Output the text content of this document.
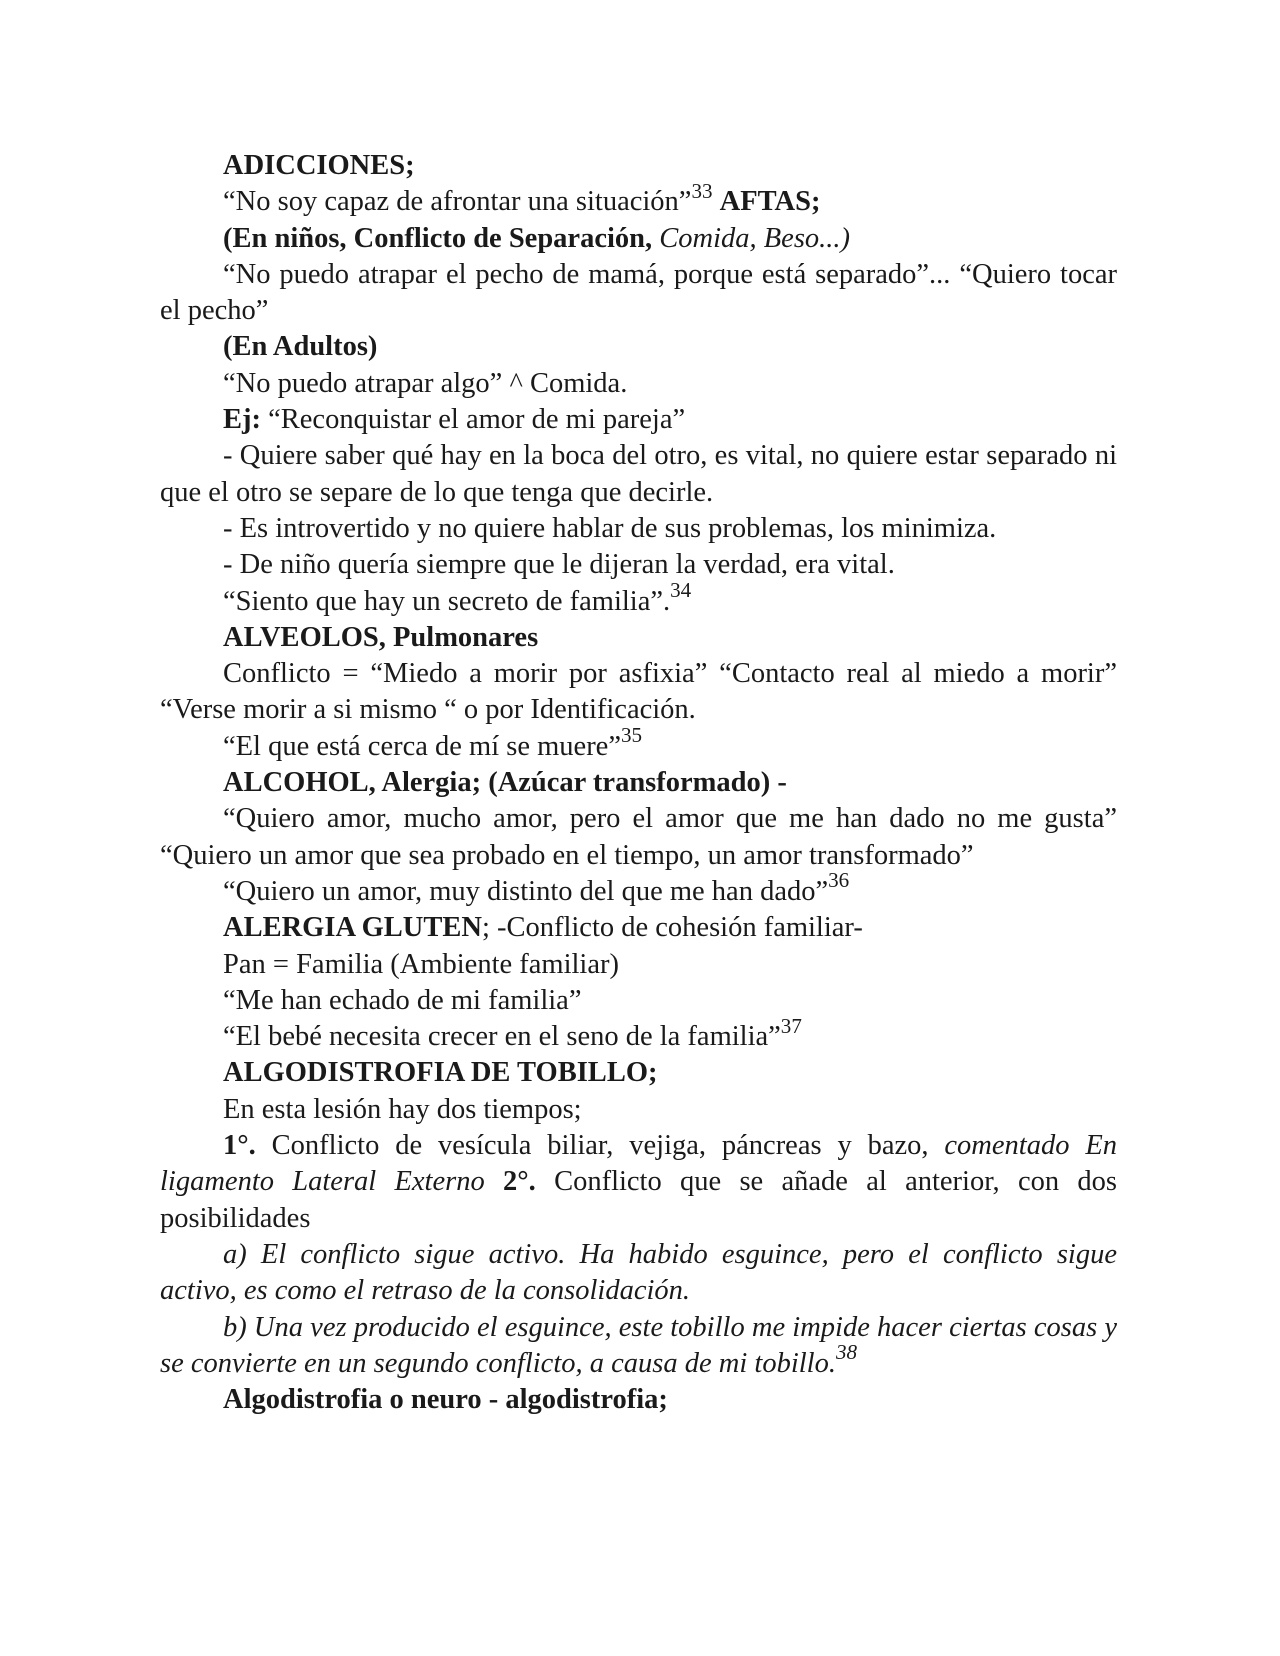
ADICCIONES;

“No soy capaz de afrontar una situación”$^{33}$ AFTAS;

(En niños, Conflicto de Separación, Comida, Beso...)

“No puedo atrapar el pecho de mamá, porque está separado”... “Quiero tocar el pecho”

(En Adultos)

“No puedo atrapar algo” ^ Comida.

Ej: “Reconquistar el amor de mi pareja”

- Quiere saber qué hay en la boca del otro, es vital, no quiere estar separado ni que el otro se separe de lo que tenga que decirle.

- Es introvertido y no quiere hablar de sus problemas, los minimiza.

- De niño quería siempre que le dijeran la verdad, era vital.

“Siento que hay un secreto de familia”.$^{34}$

ALVEOLOS, Pulmonares

Conflicto = “Miedo a morir por asfixia” “Contacto real al miedo a morir” “Verse morir a si mismo “ o por Identificación.

“El que está cerca de mí se muere”$^{35}$

ALCOHOL, Alergia; (Azúcar transformado) -

“Quiero amor, mucho amor, pero el amor que me han dado no me gusta” “Quiero un amor que sea probado en el tiempo, un amor transformado”

“Quiero un amor, muy distinto del que me han dado”$^{36}$

ALERGIA GLUTEN; -Conflicto de cohesión familiar-

Pan = Familia (Ambiente familiar)

“Me han echado de mi familia”

“El bebé necesita crecer en el seno de la familia”$^{37}$

ALGODISTROFIA DE TOBILLO;

En esta lesión hay dos tiempos;

1°. Conflicto de vesícula biliar, vejiga, páncreas y bazo, comentado En ligamento Lateral Externo 2°. Conflicto que se añade al anterior, con dos posibilidades

a) El conflicto sigue activo. Ha habido esguince, pero el conflicto sigue activo, es como el retraso de la consolidación.

b) Una vez producido el esguince, este tobillo me impide hacer ciertas cosas y se convierte en un segundo conflicto, a causa de mi tobillo.$^{38}$

Algodistrofia o neuro - algodistrofia;
